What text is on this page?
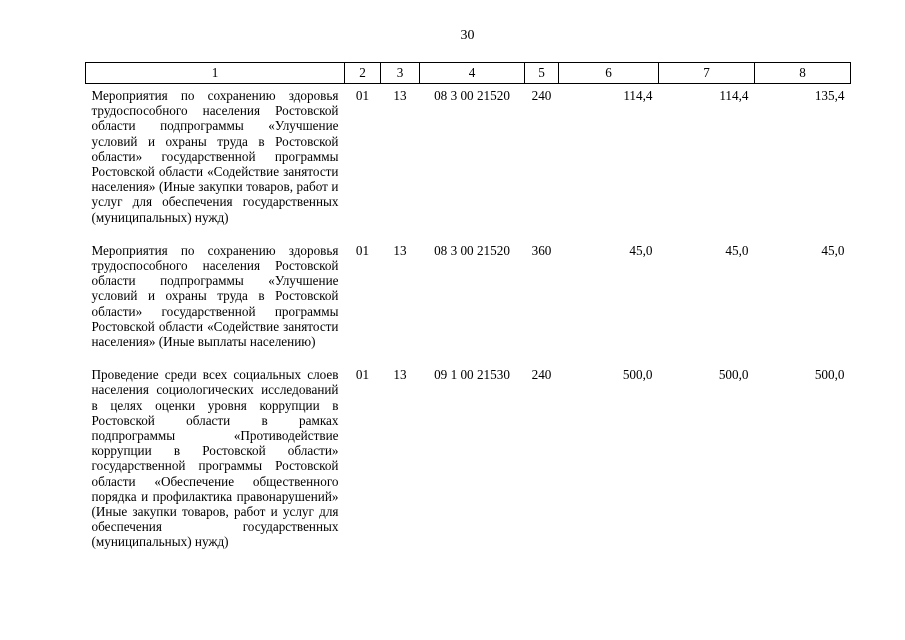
30
1	2	3	4	5	6	7	8
Мероприятия по сохранению здоровья трудоспособного населения Ростовской области подпрограммы «Улучшение условий и охраны труда в Ростовской области» государственной программы Ростовской области «Содействие занятости населения» (Иные закупки товаров, работ и услуг для обеспечения государственных (муниципальных) нужд)	01	13	08 3 00 21520	240	114,4	114,4	135,4
Мероприятия по сохранению здоровья трудоспособного населения Ростовской области подпрограммы «Улучшение условий и охраны труда в Ростовской области» государственной программы Ростовской области «Содействие занятости населения» (Иные выплаты населению)	01	13	08 3 00 21520	360	45,0	45,0	45,0
Проведение среди всех социальных слоев населения социологических исследований в целях оценки уровня коррупции в Ростовской области в рамках подпрограммы «Противодействие коррупции в Ростовской области» государственной программы Ростовской области «Обеспечение общественного порядка и профилактика правонарушений» (Иные закупки товаров, работ и услуг для обеспечения государственных (муниципальных) нужд)	01	13	09 1 00 21530	240	500,0	500,0	500,0
